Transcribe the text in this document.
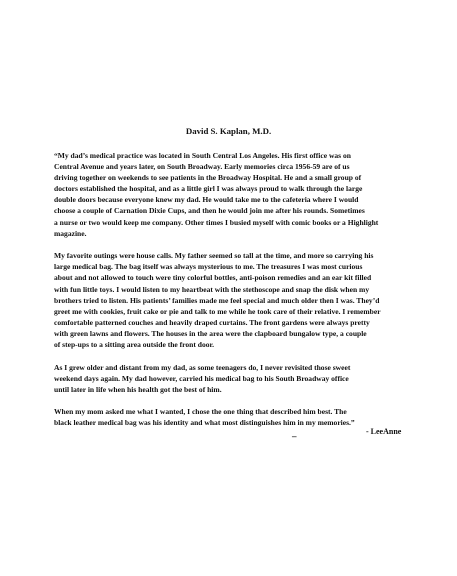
David S. Kaplan, M.D.

“My dad’s medical practice was located in South Central Los Angeles. His first office was on
Central Avenue and years later, on South Broadway. Early memories circa 1956-59 are of us
driving together on weekends to see patients in the Broadway Hospital. He and a small group of
doctors established the hospital, and as a little girl I was always proud to walk through the large
double doors because everyone knew my dad. He would take me to the cafeteria where I would
choose a couple of Carnation Dixie Cups, and then he would join me after his rounds. Sometimes
a nurse or two would keep me company. Other times I busied myself with comic books or a Highlight
magazine.

My favorite outings were house calls. My father seemed so tall at the time, and more so carrying his
large medical bag. The bag itself was always mysterious to me. The treasures I was most curious
about and not allowed to touch were tiny colorful bottles, anti-poison remedies and an ear kit filled
with fun little toys. I would listen to my heartbeat with the stethoscope and snap the disk when my
brothers tried to listen. His patients’ families made me feel special and much older then I was. They’d
greet me with cookies, fruit cake or pie and talk to me while he took care of their relative. I remember
comfortable patterned couches and heavily draped curtains. The front gardens were always pretty
with green lawns and flowers. The houses in the area were the clapboard bungalow type, a couple
of step-ups to a sitting area outside the front door.

As I grew older and distant from my dad, as some teenagers do, I never revisited those sweet
weekend days again. My dad however, carried his medical bag to his South Broadway office
until later in life when his health got the best of him.

When my mom asked me what I wanted, I chose the one thing that described him best. The
black leather medical bag was his identity and what most distinguishes him in my memories.”

_	- LeeAnne
